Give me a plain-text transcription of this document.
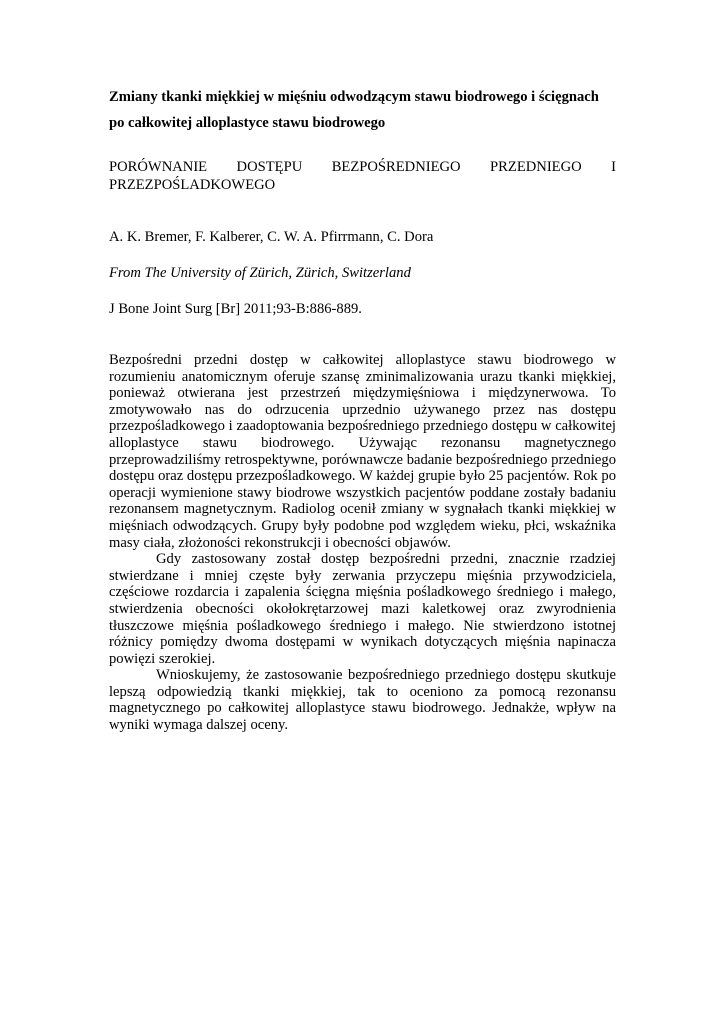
Zmiany tkanki miękkiej w mięśniu odwodzącym stawu biodrowego i ścięgnach po całkowitej alloplastyce stawu biodrowego

PORÓWNANIE DOSTĘPU BEZPOŚREDNIEGO PRZEDNIEGO I PRZEZPOŚLADKOWEGO

A. K. Bremer, F. Kalberer, C. W. A. Pfirrmann, C. Dora

From The University of Zürich, Zürich, Switzerland

J Bone Joint Surg [Br] 2011;93-B:886-889.

Bezpośredni przedni dostęp w całkowitej alloplastyce stawu biodrowego w rozumieniu anatomicznym oferuje szansę zminimalizowania urazu tkanki miękkiej, ponieważ otwierana jest przestrzeń międzymięśniowa i międzynerwowa. To zmotywowało nas do odrzucenia uprzednio używanego przez nas dostępu przezpośladkowego i zaadoptowania bezpośredniego przedniego dostępu w całkowitej alloplastyce stawu biodrowego. Używając rezonansu magnetycznego przeprowadziliśmy retrospektywne, porównawcze badanie bezpośredniego przedniego dostępu oraz dostępu przezpośladkowego. W każdej grupie było 25 pacjentów. Rok po operacji wymienione stawy biodrowe wszystkich pacjentów poddane zostały badaniu rezonansem magnetycznym. Radiolog ocenił zmiany w sygnałach tkanki miękkiej w mięśniach odwodzących. Grupy były podobne pod względem wieku, płci, wskaźnika masy ciała, złożoności rekonstrukcji i obecności objawów.

Gdy zastosowany został dostęp bezpośredni przedni, znacznie rzadziej stwierdzane i mniej częste były zerwania przyczepu mięśnia przywodziciela, częściowe rozdarcia i zapalenia ścięgna mięśnia pośladkowego średniego i małego, stwierdzenia obecności okołokrętarzowej mazi kaletkowej oraz zwyrodnienia tłuszczowe mięśnia pośladkowego średniego i małego. Nie stwierdzono istotnej różnicy pomiędzy dwoma dostępami w wynikach dotyczących mięśnia napinacza powięzi szerokiej.

Wnioskujemy, że zastosowanie bezpośredniego przedniego dostępu skutkuje lepszą odpowiedzią tkanki miękkiej, tak to oceniono za pomocą rezonansu magnetycznego po całkowitej alloplastyce stawu biodrowego. Jednakże, wpływ na wyniki wymaga dalszej oceny.
